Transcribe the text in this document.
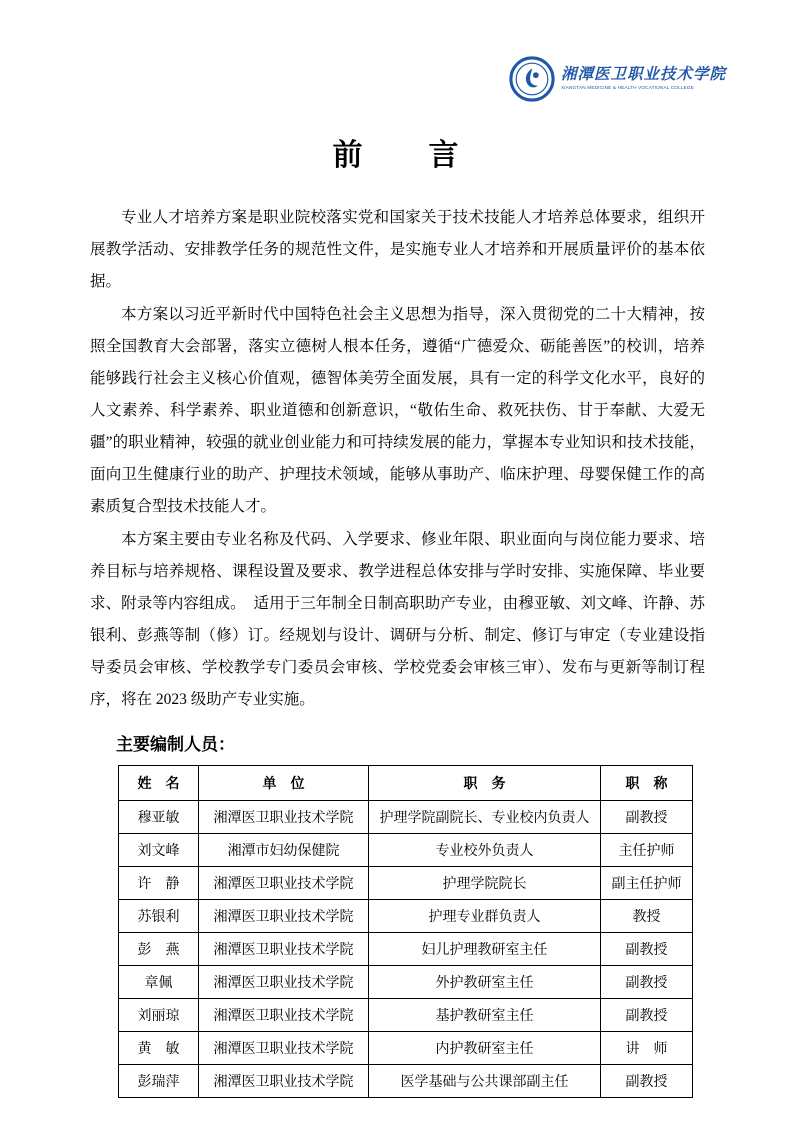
湘潭医卫职业技术学院
XIANGTAN MEDICINE & HEALTH VOCATIONAL COLLEGE
前　　言

专业人才培养方案是职业院校落实党和国家关于技术技能人才培养总体要求，组织开展教学活动、安排教学任务的规范性文件，是实施专业人才培养和开展质量评价的基本依据。

本方案以习近平新时代中国特色社会主义思想为指导，深入贯彻党的二十大精神，按照全国教育大会部署，落实立德树人根本任务，遵循“广德爱众、砺能善医”的校训，培养能够践行社会主义核心价值观，德智体美劳全面发展，具有一定的科学文化水平，良好的人文素养、科学素养、职业道德和创新意识，“敬佑生命、救死扶伤、甘于奉献、大爱无疆”的职业精神，较强的就业创业能力和可持续发展的能力，掌握本专业知识和技术技能，面向卫生健康行业的助产、护理技术领域，能够从事助产、临床护理、母婴保健工作的高素质复合型技术技能人才。

本方案主要由专业名称及代码、入学要求、修业年限、职业面向与岗位能力要求、培养目标与培养规格、课程设置及要求、教学进程总体安排与学时安排、实施保障、毕业要求、附录等内容组成。　适用于三年制全日制高职助产专业，由穆亚敏、刘文峰、许静、苏银利、彭燕等制（修）订。经规划与设计、调研与分析、制定、修订与审定（专业建设指导委员会审核、学校教学专门委员会审核、学校党委会审核三审）、发布与更新等制订程序，将在 2023 级助产专业实施。

主要编制人员：
姓　名	单　位	职　务	职　称
穆亚敏	湘潭医卫职业技术学院	护理学院副院长、专业校内负责人	副教授
刘文峰	湘潭市妇幼保健院	专业校外负责人	主任护师
许　静	湘潭医卫职业技术学院	护理学院院长	副主任护师
苏银利	湘潭医卫职业技术学院	护理专业群负责人	教授
彭　燕	湘潭医卫职业技术学院	妇儿护理教研室主任	副教授
章佩	湘潭医卫职业技术学院	外护教研室主任	副教授
刘丽琼	湘潭医卫职业技术学院	基护教研室主任	副教授
黄　敏	湘潭医卫职业技术学院	内护教研室主任	讲　师
彭瑞萍	湘潭医卫职业技术学院	医学基础与公共课部副主任	副教授
